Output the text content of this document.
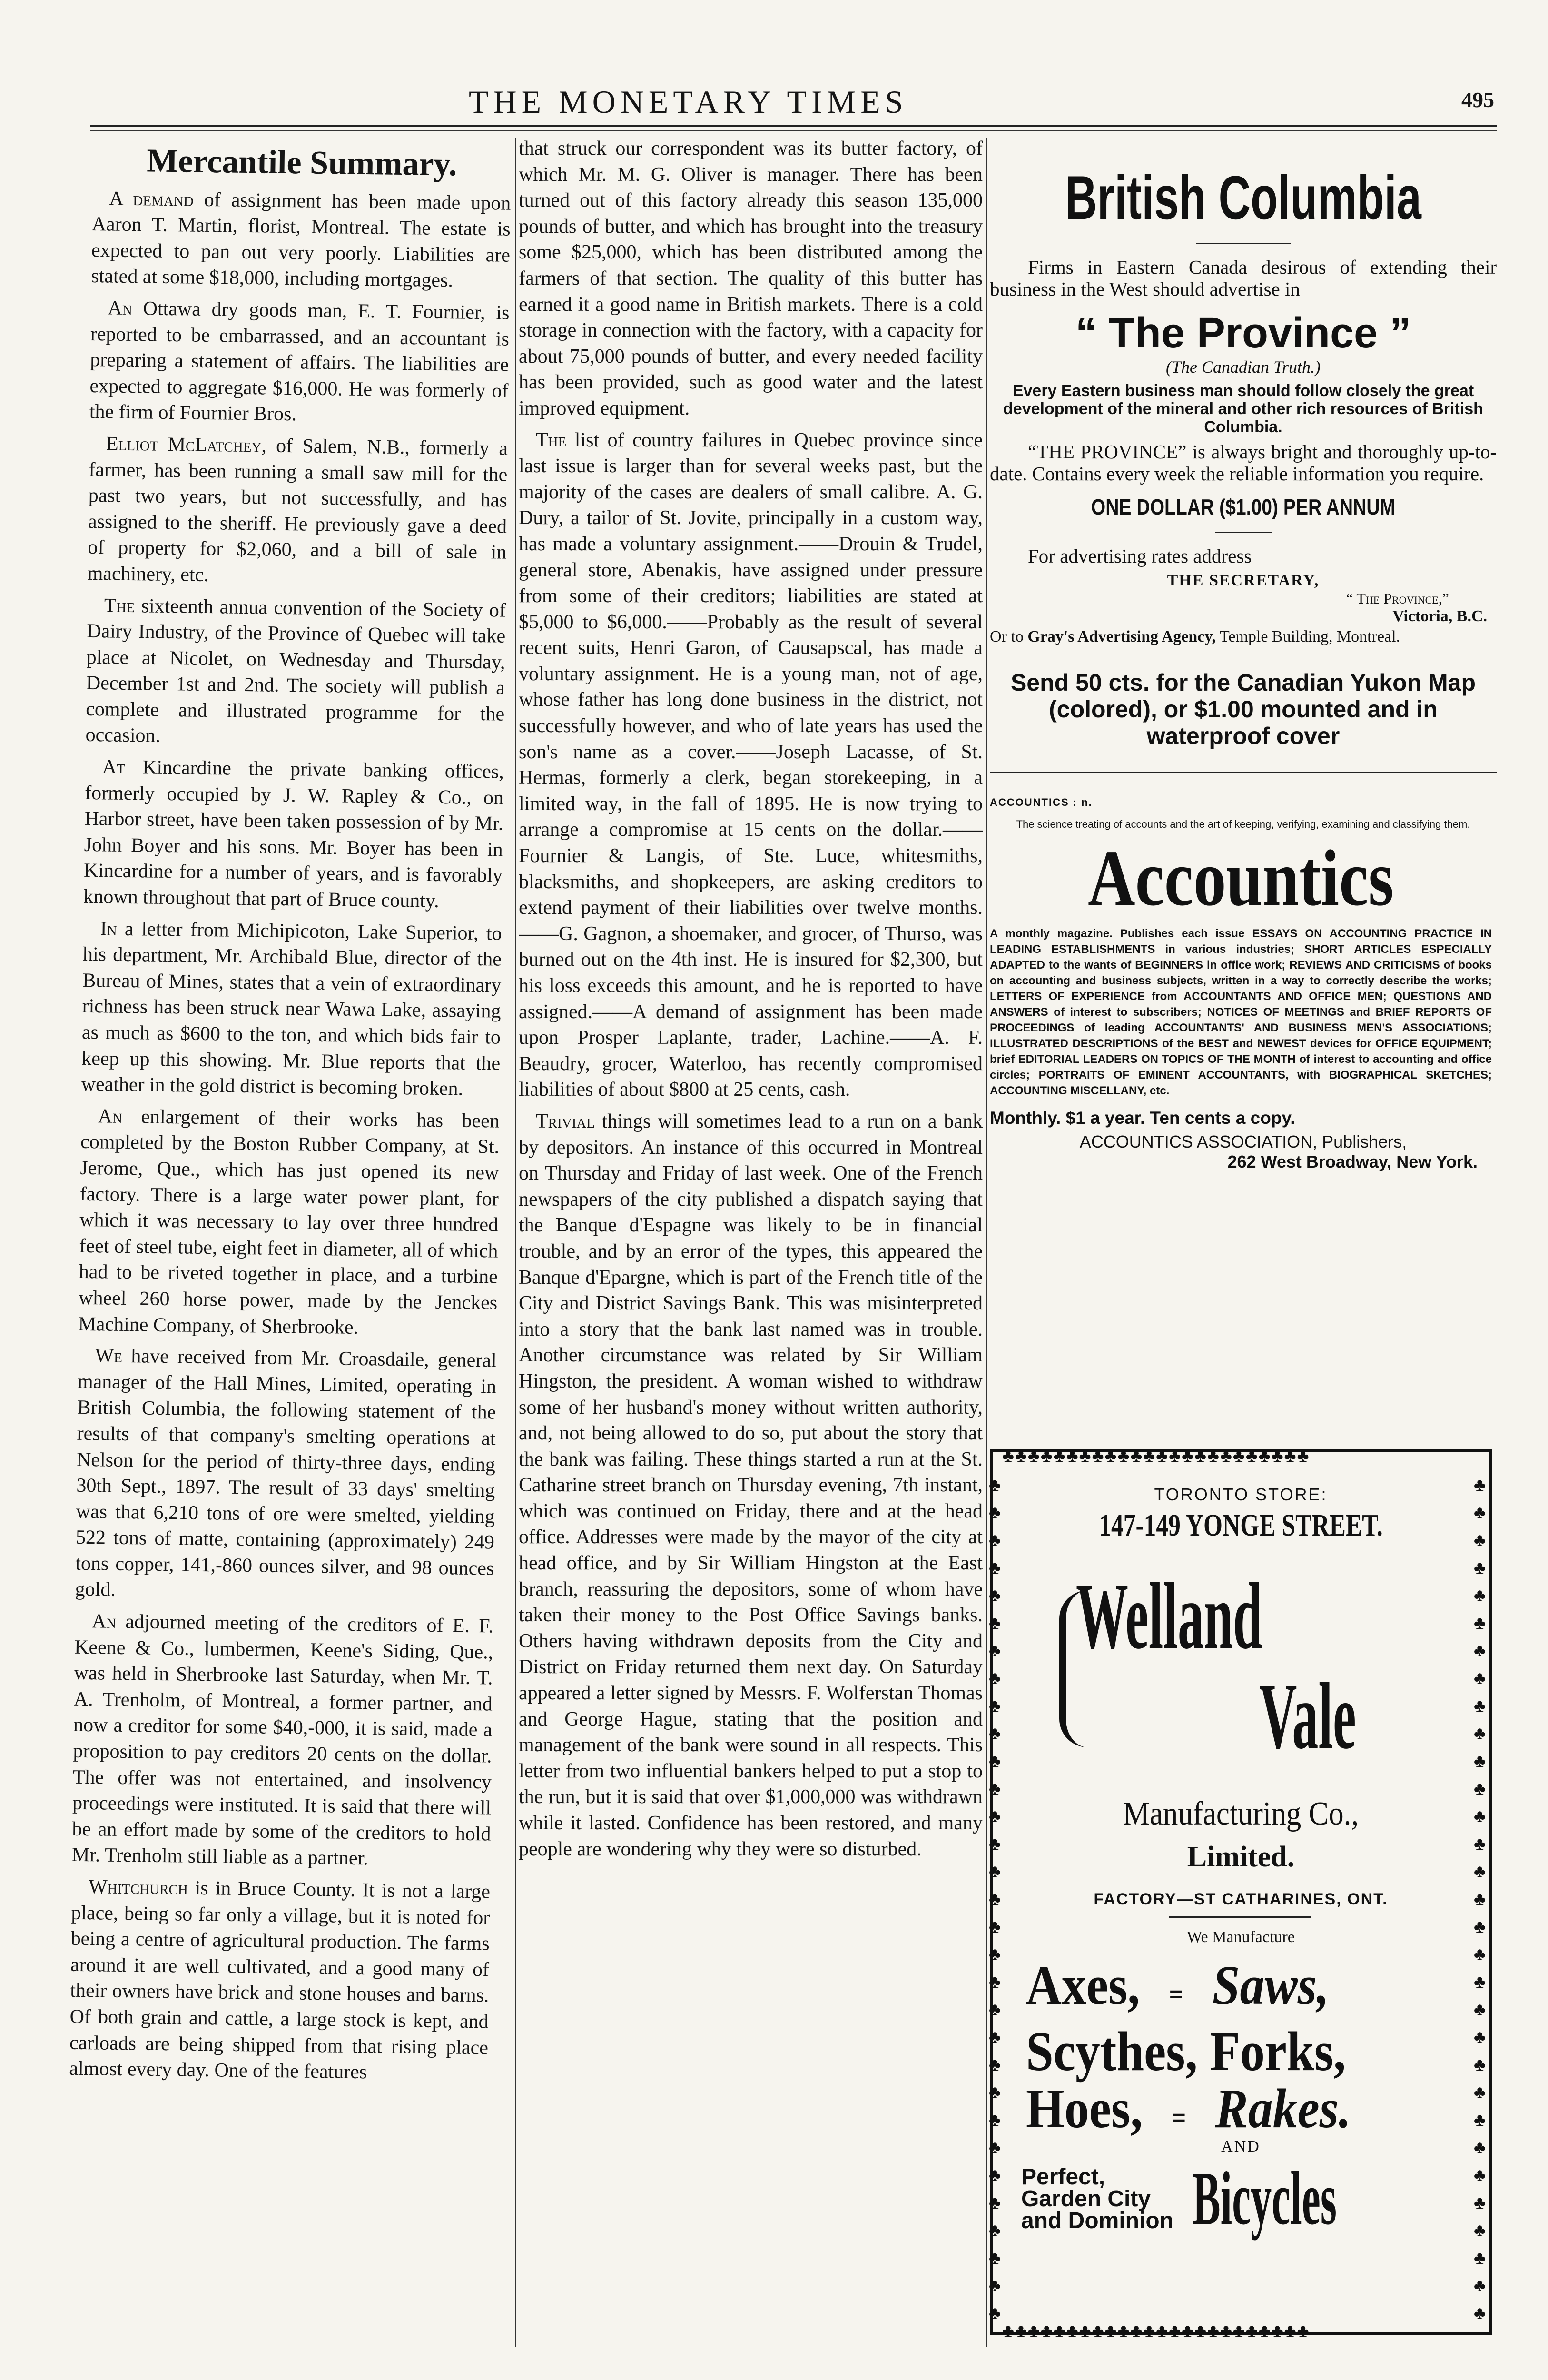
THE MONETARY TIMES	495
Mercantile Summary.

A demand of assignment has been made upon Aaron T. Martin, florist, Montreal. The estate is expected to pan out very poorly. Liabilities are stated at some $18,000, including mortgages.

An Ottawa dry goods man, E. T. Fournier, is reported to be embarrassed, and an accountant is preparing a statement of affairs. The liabilities are expected to aggregate $16,000. He was formerly of the firm of Fournier Bros.

Elliot McLatchey, of Salem, N.B., formerly a farmer, has been running a small saw mill for the past two years, but not successfully, and has assigned to the sheriff. He previously gave a deed of property for $2,060, and a bill of sale in machinery, etc.

The sixteenth annua convention of the Society of Dairy Industry, of the Province of Quebec will take place at Nicolet, on Wednesday and Thursday, December 1st and 2nd. The society will publish a complete and illustrated programme for the occasion.

At Kincardine the private banking offices, formerly occupied by J. W. Rapley & Co., on Harbor street, have been taken possession of by Mr. John Boyer and his sons. Mr. Boyer has been in Kincardine for a number of years, and is favorably known throughout that part of Bruce county.

In a letter from Michipicoton, Lake Superior, to his department, Mr. Archibald Blue, director of the Bureau of Mines, states that a vein of extraordinary richness has been struck near Wawa Lake, assaying as much as $600 to the ton, and which bids fair to keep up this showing. Mr. Blue reports that the weather in the gold district is becoming broken.

An enlargement of their works has been completed by the Boston Rubber Company, at St. Jerome, Que., which has just opened its new factory. There is a large water power plant, for which it was necessary to lay over three hundred feet of steel tube, eight feet in diameter, all of which had to be riveted together in place, and a turbine wheel 260 horse power, made by the Jenckes Machine Company, of Sherbrooke.

We have received from Mr. Croasdaile, general manager of the Hall Mines, Limited, operating in British Columbia, the following statement of the results of that company's smelting operations at Nelson for the period of thirty-three days, ending 30th Sept., 1897. The result of 33 days' smelting was that 6,210 tons of ore were smelted, yielding 522 tons of matte, containing (approximately) 249 tons copper, 141,-860 ounces silver, and 98 ounces gold.

An adjourned meeting of the creditors of E. F. Keene & Co., lumbermen, Keene's Siding, Que., was held in Sherbrooke last Saturday, when Mr. T. A. Trenholm, of Montreal, a former partner, and now a creditor for some $40,-000, it is said, made a proposition to pay creditors 20 cents on the dollar. The offer was not entertained, and insolvency proceedings were instituted. It is said that there will be an effort made by some of the creditors to hold Mr. Trenholm still liable as a partner.

Whitchurch is in Bruce County. It is not a large place, being so far only a village, but it is noted for being a centre of agricultural production. The farms around it are well cultivated, and a good many of their owners have brick and stone houses and barns. Of both grain and cattle, a large stock is kept, and carloads are being shipped from that rising place almost every day. One of the features

that struck our correspondent was its butter factory, of which Mr. M. G. Oliver is manager. There has been turned out of this factory already this season 135,000 pounds of butter, and which has brought into the treasury some $25,000, which has been distributed among the farmers of that section. The quality of this butter has earned it a good name in British markets. There is a cold storage in connection with the factory, with a capacity for about 75,000 pounds of butter, and every needed facility has been provided, such as good water and the latest improved equipment.

The list of country failures in Quebec province since last issue is larger than for several weeks past, but the majority of the cases are dealers of small calibre. A. G. Dury, a tailor of St. Jovite, principally in a custom way, has made a voluntary assignment.——Drouin & Trudel, general store, Abenakis, have assigned under pressure from some of their creditors; liabilities are stated at $5,000 to $6,000.——Probably as the result of several recent suits, Henri Garon, of Causapscal, has made a voluntary assignment. He is a young man, not of age, whose father has long done business in the district, not successfully however, and who of late years has used the son's name as a cover.——Joseph Lacasse, of St. Hermas, formerly a clerk, began storekeeping, in a limited way, in the fall of 1895. He is now trying to arrange a compromise at 15 cents on the dollar.——Fournier & Langis, of Ste. Luce, whitesmiths, blacksmiths, and shopkeepers, are asking creditors to extend payment of their liabilities over twelve months.——G. Gagnon, a shoemaker, and grocer, of Thurso, was burned out on the 4th inst. He is insured for $2,300, but his loss exceeds this amount, and he is reported to have assigned.——A demand of assignment has been made upon Prosper Laplante, trader, Lachine.——A. F. Beaudry, grocer, Waterloo, has recently compromised liabilities of about $800 at 25 cents, cash.

Trivial things will sometimes lead to a run on a bank by depositors. An instance of this occurred in Montreal on Thursday and Friday of last week. One of the French newspapers of the city published a dispatch saying that the Banque d'Espagne was likely to be in financial trouble, and by an error of the types, this appeared the Banque d'Epargne, which is part of the French title of the City and District Savings Bank. This was misinterpreted into a story that the bank last named was in trouble. Another circumstance was related by Sir William Hingston, the president. A woman wished to withdraw some of her husband's money without written authority, and, not being allowed to do so, put about the story that the bank was failing. These things started a run at the St. Catharine street branch on Thursday evening, 7th instant, which was continued on Friday, there and at the head office. Addresses were made by the mayor of the city at head office, and by Sir William Hingston at the East branch, reassuring the depositors, some of whom have taken their money to the Post Office Savings banks. Others having withdrawn deposits from the City and District on Friday returned them next day. On Saturday appeared a letter signed by Messrs. F. Wolferstan Thomas and George Hague, stating that the position and management of the bank were sound in all respects. This letter from two influential bankers helped to put a stop to the run, but it is said that over $1,000,000 was withdrawn while it lasted. Confidence has been restored, and many people are wondering why they were so disturbed.

British Columbia
Firms in Eastern Canada desirous of extending their business in the West should advertise in
“ The Province ”
(The Canadian Truth.)
Every Eastern business man should follow closely the great development of the mineral and other rich resources of British Columbia.
“THE PROVINCE” is always bright and thoroughly up-to-date. Contains every week the reliable information you require.
ONE DOLLAR ($1.00) PER ANNUM
For advertising rates address
THE SECRETARY,
“ The Province,”
Victoria, B.C.
Or to Gray's Advertising Agency, Temple Building, Montreal.
Send 50 cts. for the Canadian Yukon Map (colored), or $1.00 mounted and in waterproof cover
ACCOUNTICS : n.
The science treating of accounts and the art of keeping, verifying, examining and classifying them.
Accountics
A monthly magazine. Publishes each issue ESSAYS ON ACCOUNTING PRACTICE IN LEADING ESTABLISHMENTS in various industries; SHORT ARTICLES ESPECIALLY ADAPTED to the wants of BEGINNERS in office work; REVIEWS AND CRITICISMS of books on accounting and business subjects, written in a way to correctly describe the works; LETTERS OF EXPERIENCE from ACCOUNTANTS AND OFFICE MEN; QUESTIONS AND ANSWERS of interest to subscribers; NOTICES OF MEETINGS and BRIEF REPORTS OF PROCEEDINGS of leading ACCOUNTANTS' AND BUSINESS MEN'S ASSOCIATIONS; ILLUSTRATED DESCRIPTIONS of the BEST and NEWEST devices for OFFICE EQUIPMENT; brief EDITORIAL LEADERS ON TOPICS OF THE MONTH of interest to accounting and office circles; PORTRAITS OF EMINENT ACCOUNTANTS, with BIOGRAPHICAL SKETCHES; ACCOUNTING MISCELLANY, etc.
Monthly. $1 a year. Ten cents a copy.
ACCOUNTICS ASSOCIATION, Publishers,
262 West Broadway, New York.
♣♣♣♣♣♣♣♣♣♣♣♣♣♣♣♣♣♣♣♣♣♣♣♣
♣♣♣♣♣♣♣♣♣♣♣♣♣♣♣♣♣♣♣♣♣♣♣♣
♣♣♣♣♣♣♣♣♣♣♣♣♣♣♣♣♣♣♣♣♣♣♣♣♣♣♣♣♣♣♣
♣♣♣♣♣♣♣♣♣♣♣♣♣♣♣♣♣♣♣♣♣♣♣♣♣♣♣♣♣♣♣
TORONTO STORE:
147-149 YONGE STREET.
Welland
Vale
Manufacturing Co.,
Limited.
FACTORY—ST CATHARINES, ONT.
We Manufacture
Axes, = Saws,
Scythes, Forks,
Hoes, = Rakes.
AND
Perfect,
Garden City
and Dominion Bicycles
